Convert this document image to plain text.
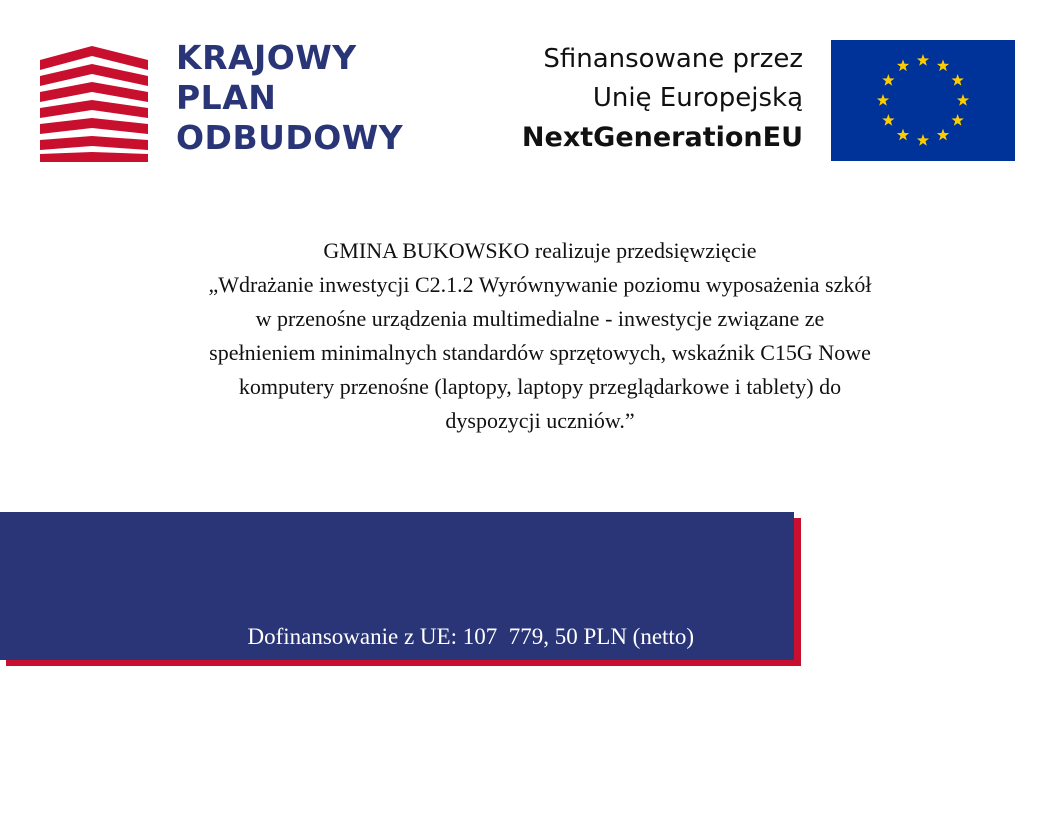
KRAJOWY
PLAN
ODBUDOWY
Sfinansowane przez
Unię Europejską
NextGenerationEU
GMINA BUKOWSKO realizuje przedsięwzięcie
„Wdrażanie inwestycji C2.1.2 Wyrównywanie poziomu wyposażenia szkół
w przenośne urządzenia multimedialne - inwestycje związane ze
spełnieniem minimalnych standardów sprzętowych, wskaźnik C15G Nowe
komputery przenośne (laptopy, laptopy przeglądarkowe i tablety) do
dyspozycji uczniów.”

Dofinansowanie z UE: 107  779, 50 PLN (netto)

132 568,88 PLN (brutto)
